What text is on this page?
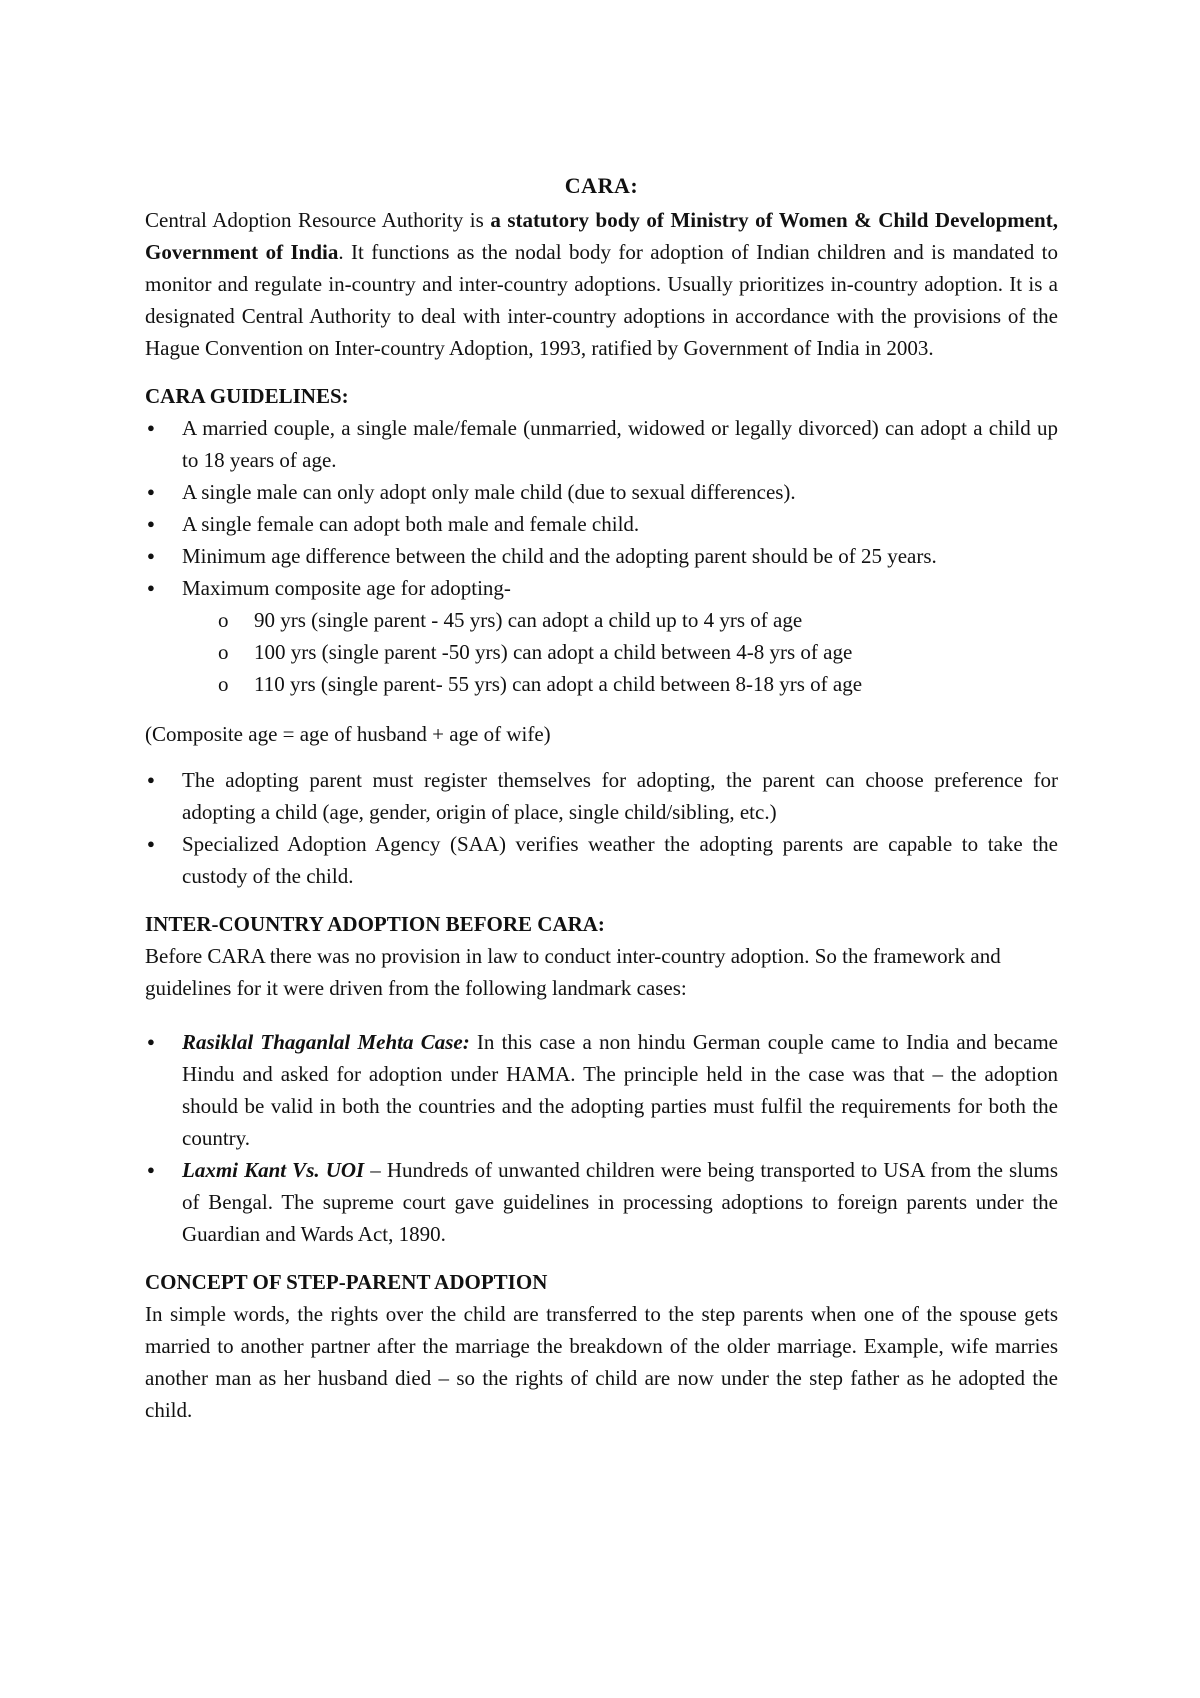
CARA:

Central Adoption Resource Authority is a statutory body of Ministry of Women & Child Development, Government of India. It functions as the nodal body for adoption of Indian children and is mandated to monitor and regulate in-country and inter-country adoptions. Usually prioritizes in-country adoption. It is a designated Central Authority to deal with inter-country adoptions in accordance with the provisions of the Hague Convention on Inter-country Adoption, 1993, ratified by Government of India in 2003.

CARA GUIDELINES:

● A married couple, a single male/female (unmarried, widowed or legally divorced) can adopt a child up to 18 years of age.
● A single male can only adopt only male child (due to sexual differences).
● A single female can adopt both male and female child.
● Minimum age difference between the child and the adopting parent should be of 25 years.
● Maximum composite age for adopting-
o 90 yrs (single parent - 45 yrs) can adopt a child up to 4 yrs of age
o 100 yrs (single parent -50 yrs) can adopt a child between 4-8 yrs of age
o 110 yrs (single parent- 55 yrs) can adopt a child between 8-18 yrs of age

(Composite age = age of husband + age of wife)

● The adopting parent must register themselves for adopting, the parent can choose preference for adopting a child (age, gender, origin of place, single child/sibling, etc.)
● Specialized Adoption Agency (SAA) verifies weather the adopting parents are capable to take the custody of the child.

INTER-COUNTRY ADOPTION BEFORE CARA:

Before CARA there was no provision in law to conduct inter-country adoption. So the framework and guidelines for it were driven from the following landmark cases:

● Rasiklal Thaganlal Mehta Case: In this case a non hindu German couple came to India and became Hindu and asked for adoption under HAMA. The principle held in the case was that – the adoption should be valid in both the countries and the adopting parties must fulfil the requirements for both the country.
● Laxmi Kant Vs. UOI – Hundreds of unwanted children were being transported to USA from the slums of Bengal. The supreme court gave guidelines in processing adoptions to foreign parents under the Guardian and Wards Act, 1890.

CONCEPT OF STEP-PARENT ADOPTION

In simple words, the rights over the child are transferred to the step parents when one of the spouse gets married to another partner after the marriage the breakdown of the older marriage. Example, wife marries another man as her husband died – so the rights of child are now under the step father as he adopted the child.
